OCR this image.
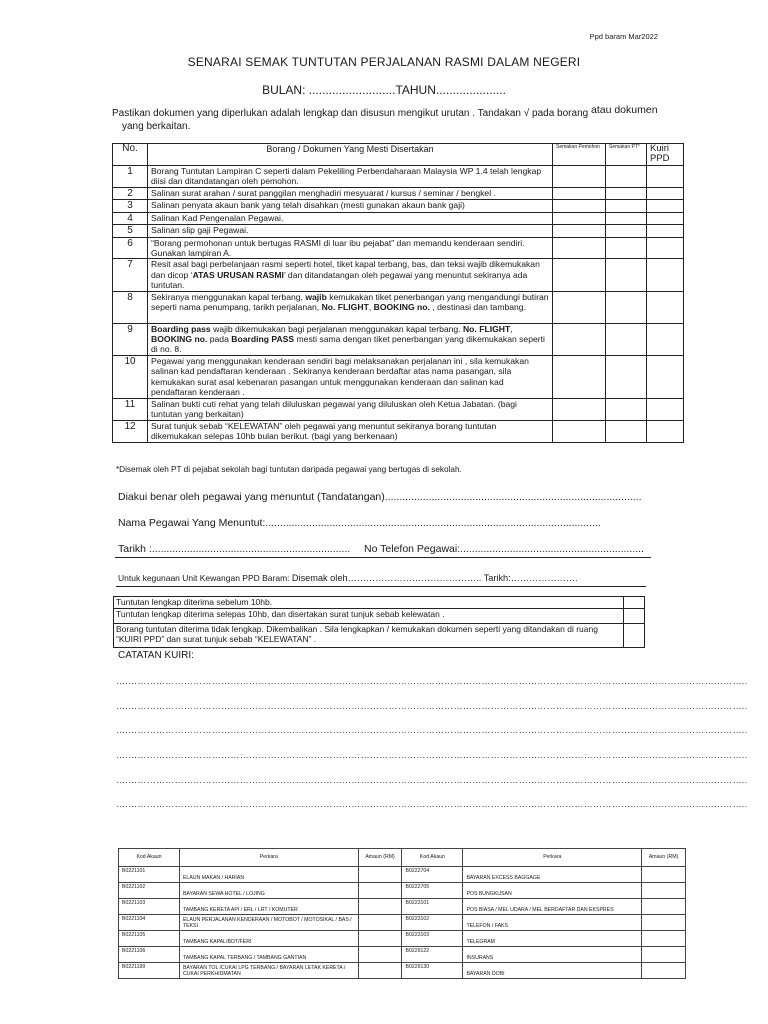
Ppd baram Mar2022
SENARAI SEMAK TUNTUTAN PERJALANAN RASMI DALAM NEGERI
BULAN: ..........................TAHUN.....................
Pastikan dokumen yang diperlukan adalah lengkap dan disusun mengikut urutan . Tandakan √ pada borang atau dokumen
yang berkaitan.
No.	Borang / Dokumen Yang Mesti Disertakan	Semakan Pemohon	Semakan PT*	Kuiri PPD
1	Borang Tuntutan Lampiran C seperti dalam Pekeliling Perbendaharaan Malaysia WP 1.4 telah lengkap diisi dan ditandatangan oleh pemohon.			
2	Salinan surat arahan / surat panggilan menghadiri mesyuarat / kursus / seminar / bengkel .			
3	Salinan penyata akaun bank yang telah disahkan (mesti gunakan akaun bank gaji)			
4	Salinan Kad Pengenalan Pegawai.			
5	Salinan slip gaji Pegawai.			
6	“Borang permohonan untuk bertugas RASMI di luar ibu pejabat” dan memandu kenderaan sendiri. Gunakan lampiran A.			
7	Resit asal bagi perbelanjaan rasmi seperti hotel, tiket kapal terbang, bas, dan teksi wajib dikemukakan dan dicop ‘ATAS URUSAN RASMI’ dan ditandatangan oleh pegawai yang menuntut sekiranya ada tuntutan.			
8	Sekiranya menggunakan kapal terbang, wajib kemukakan tiket penerbangan yang mengandungi butiran seperti nama penumpang, tarikh perjalanan, No. FLIGHT, BOOKING no. , destinasi dan tambang.			
9	Boarding pass wajib dikemukakan bagi perjalanan menggunakan kapal terbang. No. FLIGHT, BOOKING no. pada Boarding PASS mesti sama dengan tiket penerbangan yang dikemukakan seperti di no. 8.			
10	Pegawai yang menggunakan kenderaan sendiri bagi melaksanakan perjalanan ini , sila kemukakan salinan kad pendaftaran kenderaan . Sekiranya kenderaan berdaftar atas nama pasangan, sila kemukakan surat asal kebenaran pasangan untuk menggunakan kenderaan dan salinan kad pendaftaran kenderaan .			
11	Salinan bukti cuti rehat yang telah diluluskan pegawai yang diluluskan oleh Ketua Jabatan. (bagi tuntutan yang berkaitan)			
12	Surat tunjuk sebab “KELEWATAN” oleh pegawai yang menuntut sekiranya borang tuntutan dikemukakan selepas 10hb bulan berikut. (bagi yang berkenaan)			
*Disemak oleh PT di pejabat sekolah bagi tuntutan daripada pegawai yang bertugas di sekolah.
Diakui benar oleh pegawai yang menuntut (Tandatangan)........................................................................................
Nama Pegawai Yang Menuntut:...................................................................................................................
Tarikh :.................................................................... No Telefon Pegawai:...............................................................
Untuk kegunaan Unit Kewangan PPD Baram: Disemak oleh…………………………………….. Tarikh:………………….
Tuntutan lengkap diterima sebelum 10hb.	
Tuntutan lengkap diterima selepas 10hb, dan disertakan surat tunjuk sebab kelewatan .	
Borang tuntutan diterima tidak lengkap. Dikembalikan . Sila lengkapkan / kemukakan dokumen seperti yang ditandakan di ruang “KUIRI PPD” dan surat tunjuk sebab “KELEWATAN” .	
CATATAN KUIRI:
….………………………………………………………………………………………………………………………………………………………………………………..
….………………………………………………………………………………………………………………………………………………………………………………..
….………………………………………………………………………………………………………………………………………………………………………………..
….………………………………………………………………………………………………………………………………………………………………………………..
….………………………………………………………………………………………………………………………………………………………………………………..
….………………………………………………………………………………………………………………………………………………………………………………..
Kod Akaun	Perkara	Amaun (RM)	Kod Akaun	Perkara	Amaun (RM)
B0221101	ELAUN MAKAN / HARIAN		B0222704	BAYARAN EXCESS BAGGAGE	
B0221102	BAYARAN SEWA HOTEL / LOJING		B0222705	POS BUNGKUSAN	
B0221103	TAMBANG KERETA API / ERL / LRT / KOMUTER		B0223101	POS BIASA / MEL UDARA / MEL BERDAFTAR DAN EKSPRES	
B0221104	ELAUN PERJALANAN KENDERAAN / MOTOBOT / MOTOSIKAL / BAS / TEKSI		B0223102	TELEFON / FAKS	
B0221105	TAMBANG KAPAL/BOT/FERI		B0223103	TELEGRAM	
B0221106	TAMBANG KAPAL TERBANG / TAMBANG GANTIAN		B0229122	INSURANS	
B0221199	BAYARAN TOL /CUKAI LPG TERBANG / BAYARAN LETAK KERETA / CUKAI PERKHIDMATAN		B0229130	BAYARAN DOBI	
